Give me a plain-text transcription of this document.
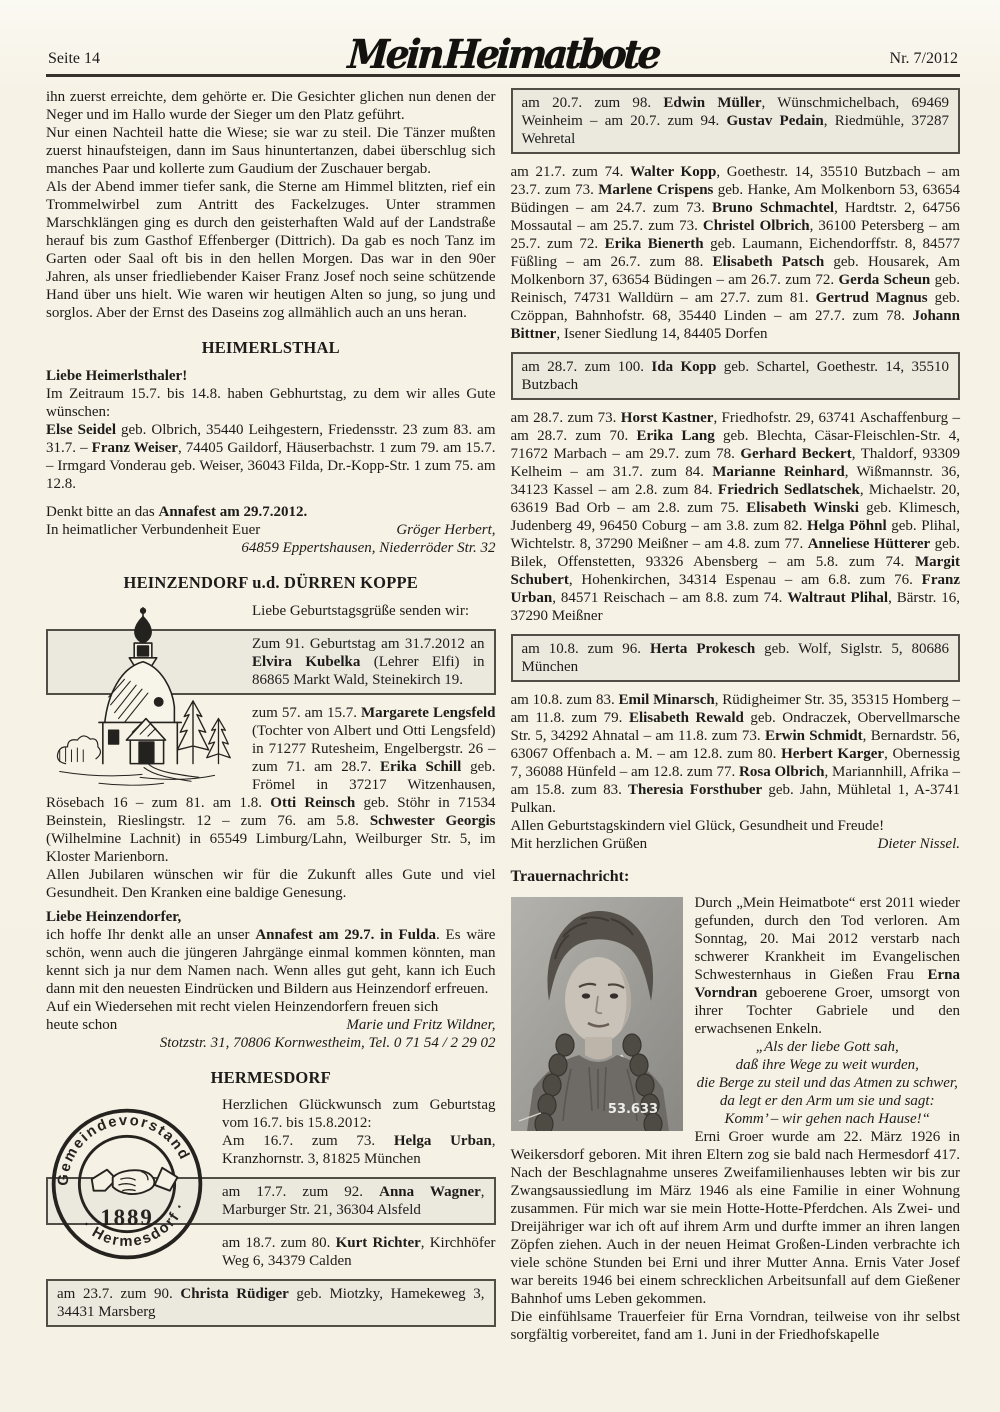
Seite 14	Mein Heimatbote	Nr. 7/2012

ihn zuerst erreichte, dem gehörte er. Die Gesichter glichen nun denen der Neger und im Hallo wurde der Sieger um den Platz geführt.

Nur einen Nachteil hatte die Wiese; sie war zu steil. Die Tänzer mußten zuerst hinaufsteigen, dann im Saus hinuntertanzen, dabei überschlug sich manches Paar und kollerte zum Gaudium der Zuschauer bergab.

Als der Abend immer tiefer sank, die Sterne am Himmel blitzten, rief ein Trommelwirbel zum Antritt des Fackelzuges. Unter strammen Marschklängen ging es durch den geisterhaften Wald auf der Landstraße herauf bis zum Gasthof Effenberger (Dittrich). Da gab es noch Tanz im Garten oder Saal oft bis in den hellen Morgen. Das war in den 90er Jahren, als unser friedliebender Kaiser Franz Josef noch seine schützende Hand über uns hielt. Wie waren wir heutigen Alten so jung, so jung und sorglos. Aber der Ernst des Daseins zog allmählich auch an uns heran.

HEIMERLSTHAL

Liebe Heimerlsthaler!

Im Zeitraum 15.7. bis 14.8. haben Gebhurtstag, zu dem wir alles Gute wünschen:

Else Seidel geb. Olbrich, 35440 Leihgestern, Friedensstr. 23 zum 83. am 31.7. – Franz Weiser, 74405 Gaildorf, Häuserbachstr. 1 zum 79. am 15.7. – Irmgard Vonderau geb. Weiser, 36043 Filda, Dr.-Kopp-Str. 1 zum 75. am 12.8.

Denkt bitte an das Annafest am 29.7.2012.

In heimatlicher Verbundenheit Euer	Gröger Herbert,
64859 Eppertshausen, Niederröder Str. 32
HEINZENDORF u.d. DÜRREN KOPPE

Liebe Geburtstagsgrüße senden wir:

Zum 91. Geburtstag am 31.7.2012 an Elvira Kubelka (Lehrer Elfi) in 86865 Markt Wald, Steinekirch 19.

zum 57. am 15.7. Margarete Lengsfeld (Tochter von Albert und Otti Lengsfeld) in 71277 Rutesheim, Engelbergstr. 26 – zum 71. am 28.7. Erika Schill geb. Frömel in 37217 Witzenhausen, Rösebach 16 – zum 81. am 1.8. Otti Reinsch geb. Stöhr in 71534 Beinstein, Rieslingstr. 12 – zum 76. am 5.8. Schwester Georgis (Wilhelmine Lachnit) in 65549 Limburg/Lahn, Weilburger Str. 5, im Kloster Marienborn.

Allen Jubilaren wünschen wir für die Zukunft alles Gute und viel Gesundheit. Den Kranken eine baldige Genesung.

Liebe Heinzendorfer,

ich hoffe Ihr denkt alle an unser Annafest am 29.7. in Fulda. Es wäre schön, wenn auch die jüngeren Jahrgänge einmal kommen könnten, man kennt sich ja nur dem Namen nach. Wenn alles gut geht, kann ich Euch dann mit den neuesten Eindrücken und Bildern aus Heinzendorf erfreuen.

Auf ein Wiedersehen mit recht vielen Heinzendorfern freuen sich

heute schon	Marie und Fritz Wildner,
Stotzstr. 31, 70806 Kornwestheim, Tel. 0 71 54 / 2 29 02
HERMESDORF
Gemeindevorstand
· Hermesdorf ·
1889

Herzlichen Glückwunsch zum Geburtstag vom 16.7. bis 15.8.2012:

Am 16.7. zum 73. Helga Urban, Kranzhornstr. 3, 81825 München

am 17.7. zum 92. Anna Wagner, Marburger Str. 21, 36304 Alsfeld

am 18.7. zum 80. Kurt Richter, Kirchhöfer Weg 6, 34379 Calden

am 23.7. zum 90. Christa Rüdiger geb. Miotzky, Hamekeweg 3, 34431 Marsberg

am 20.7. zum 98. Edwin Müller, Wünschmichelbach, 69469 Weinheim – am 20.7. zum 94. Gustav Pedain, Riedmühle, 37287 Wehretal

am 21.7. zum 74. Walter Kopp, Goethestr. 14, 35510 Butzbach – am 23.7. zum 73. Marlene Crispens geb. Hanke, Am Molkenborn 53, 63654 Büdingen – am 24.7. zum 73. Bruno Schmachtel, Hardtstr. 2, 64756 Mossautal – am 25.7. zum 73. Christel Olbrich, 36100 Petersberg – am 25.7. zum 72. Erika Bienerth geb. Laumann, Eichendorffstr. 8, 84577 Füßling – am 26.7. zum 88. Elisabeth Patsch geb. Housarek, Am Molkenborn 37, 63654 Büdingen – am 26.7. zum 72. Gerda Scheun geb. Reinisch, 74731 Walldürn – am 27.7. zum 81. Gertrud Magnus geb. Czöppan, Bahnhofstr. 68, 35440 Linden – am 27.7. zum 78. Johann Bittner, Isener Siedlung 14, 84405 Dorfen

am 28.7. zum 100. Ida Kopp geb. Schartel, Goethestr. 14, 35510 Butzbach

am 28.7. zum 73. Horst Kastner, Friedhofstr. 29, 63741 Aschaffenburg – am 28.7. zum 70. Erika Lang geb. Blechta, Cäsar-Fleischlen-Str. 4, 71672 Marbach – am 29.7. zum 78. Gerhard Beckert, Thaldorf, 93309 Kelheim – am 31.7. zum 84. Marianne Reinhard, Wißmannstr. 36, 34123 Kassel – am 2.8. zum 84. Friedrich Sedlatschek, Michaelstr. 20, 63619 Bad Orb – am 2.8. zum 75. Elisabeth Winski geb. Klimesch, Judenberg 49, 96450 Coburg – am 3.8. zum 82. Helga Pöhnl geb. Plihal, Wichtelstr. 8, 37290 Meißner – am 4.8. zum 77. Anneliese Hütterer geb. Bilek, Offenstetten, 93326 Abensberg – am 5.8. zum 74. Margit Schubert, Hohenkirchen, 34314 Espenau – am 6.8. zum 76. Franz Urban, 84571 Reischach – am 8.8. zum 74. Waltraut Plihal, Bärstr. 16, 37290 Meißner

am 10.8. zum 96. Herta Prokesch geb. Wolf, Siglstr. 5, 80686 München

am 10.8. zum 83. Emil Minarsch, Rüdigheimer Str. 35, 35315 Homberg – am 11.8. zum 79. Elisabeth Rewald geb. Ondraczek, Obervellmarsche Str. 5, 34292 Ahnatal – am 11.8. zum 73. Erwin Schmidt, Bernardstr. 56, 63067 Offenbach a. M. – am 12.8. zum 80. Herbert Karger, Obernessig 7, 36088 Hünfeld – am 12.8. zum 77. Rosa Olbrich, Mariannhill, Afrika – am 15.8. zum 83. Theresia Forsthuber geb. Jahn, Mühletal 1, A-3741 Pulkan.

Allen Geburtstagskindern viel Glück, Gesundheit und Freude!

Mit herzlichen Grüßen	Dieter Nissel.

Trauernachricht:

53.633

Durch „Mein Heimatbote“ erst 2011 wieder gefunden, durch den Tod verloren. Am Sonntag, 20. Mai 2012 verstarb nach schwerer Krankheit im Evangelischen Schwesternhaus in Gießen Frau Erna Vorndran geboerene Groer, umsorgt von ihrer Tochter Gabriele und den erwachsenen Enkeln.

„Als der liebe Gott sah,
daß ihre Wege zu weit wurden,
die Berge zu steil und das Atmen zu schwer,
da legt er den Arm um sie und sagt:
Komm’ – wir gehen nach Hause!“

Erni Groer wurde am 22. März 1926 in Weikersdorf geboren. Mit ihren Eltern zog sie bald nach Hermesdorf 417. Nach der Beschlagnahme unseres Zweifamilienhauses lebten wir bis zur Zwangsaussiedlung im März 1946 als eine Familie in einer Wohnung zusammen. Für mich war sie mein Hotte-Hotte-Pferdchen. Als Zwei- und Dreijähriger war ich oft auf ihrem Arm und durfte immer an ihren langen Zöpfen ziehen. Auch in der neuen Heimat Großen-Linden verbrachte ich viele schöne Stunden bei Erni und ihrer Mutter Anna. Ernis Vater Josef war bereits 1946 bei einem schrecklichen Arbeitsunfall auf dem Gießener Bahnhof ums Leben gekommen.

Die einfühlsame Trauerfeier für Erna Vorndran, teilweise von ihr selbst sorgfältig vorbereitet, fand am 1. Juni in der Friedhofskapelle
